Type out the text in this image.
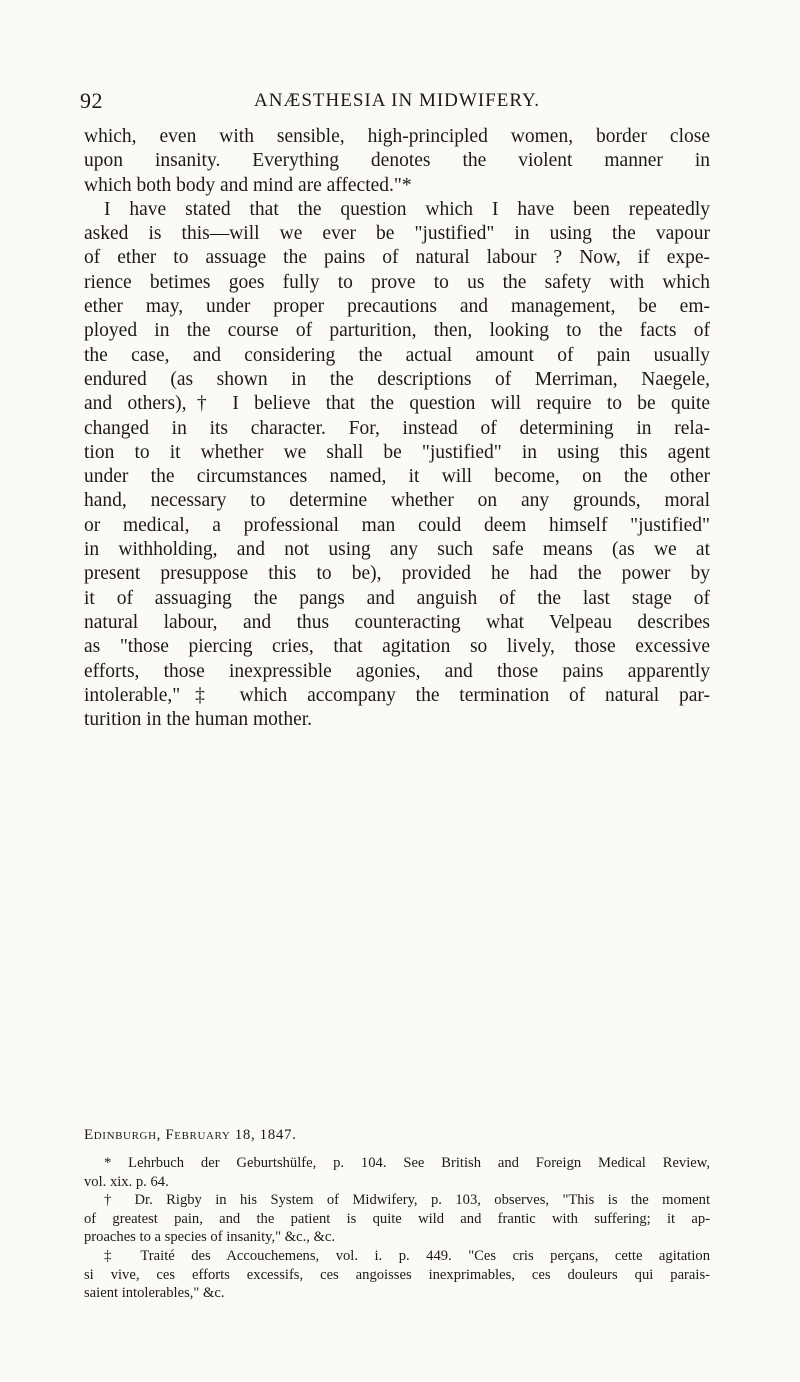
92	ANÆSTHESIA IN MIDWIFERY.
which, even with sensible, high-principled women, border close
upon insanity. Everything denotes the violent manner in
which both body and mind are affected."*
I have stated that the question which I have been repeatedly
asked is this—will we ever be "justified" in using the vapour
of ether to assuage the pains of natural labour ? Now, if expe-
rience betimes goes fully to prove to us the safety with which
ether may, under proper precautions and management, be em-
ployed in the course of parturition, then, looking to the facts of
the case, and considering the actual amount of pain usually
endured (as shown in the descriptions of Merriman, Naegele,
and others),† I believe that the question will require to be quite
changed in its character. For, instead of determining in rela-
tion to it whether we shall be "justified" in using this agent
under the circumstances named, it will become, on the other
hand, necessary to determine whether on any grounds, moral
or medical, a professional man could deem himself "justified"
in withholding, and not using any such safe means (as we at
present presuppose this to be), provided he had the power by
it of assuaging the pangs and anguish of the last stage of
natural labour, and thus counteracting what Velpeau describes
as "those piercing cries, that agitation so lively, those excessive
efforts, those inexpressible agonies, and those pains apparently
intolerable,"‡ which accompany the termination of natural par-
turition in the human mother.
Edinburgh, February 18, 1847.
* Lehrbuch der Geburtshülfe, p. 104. See British and Foreign Medical Review,
vol. xix. p. 64.
† Dr. Rigby in his System of Midwifery, p. 103, observes, "This is the moment
of greatest pain, and the patient is quite wild and frantic with suffering; it ap-
proaches to a species of insanity," &c., &c.
‡ Traité des Accouchemens, vol. i. p. 449. "Ces cris perçans, cette agitation
si vive, ces efforts excessifs, ces angoisses inexprimables, ces douleurs qui parais-
saient intolerables," &c.
